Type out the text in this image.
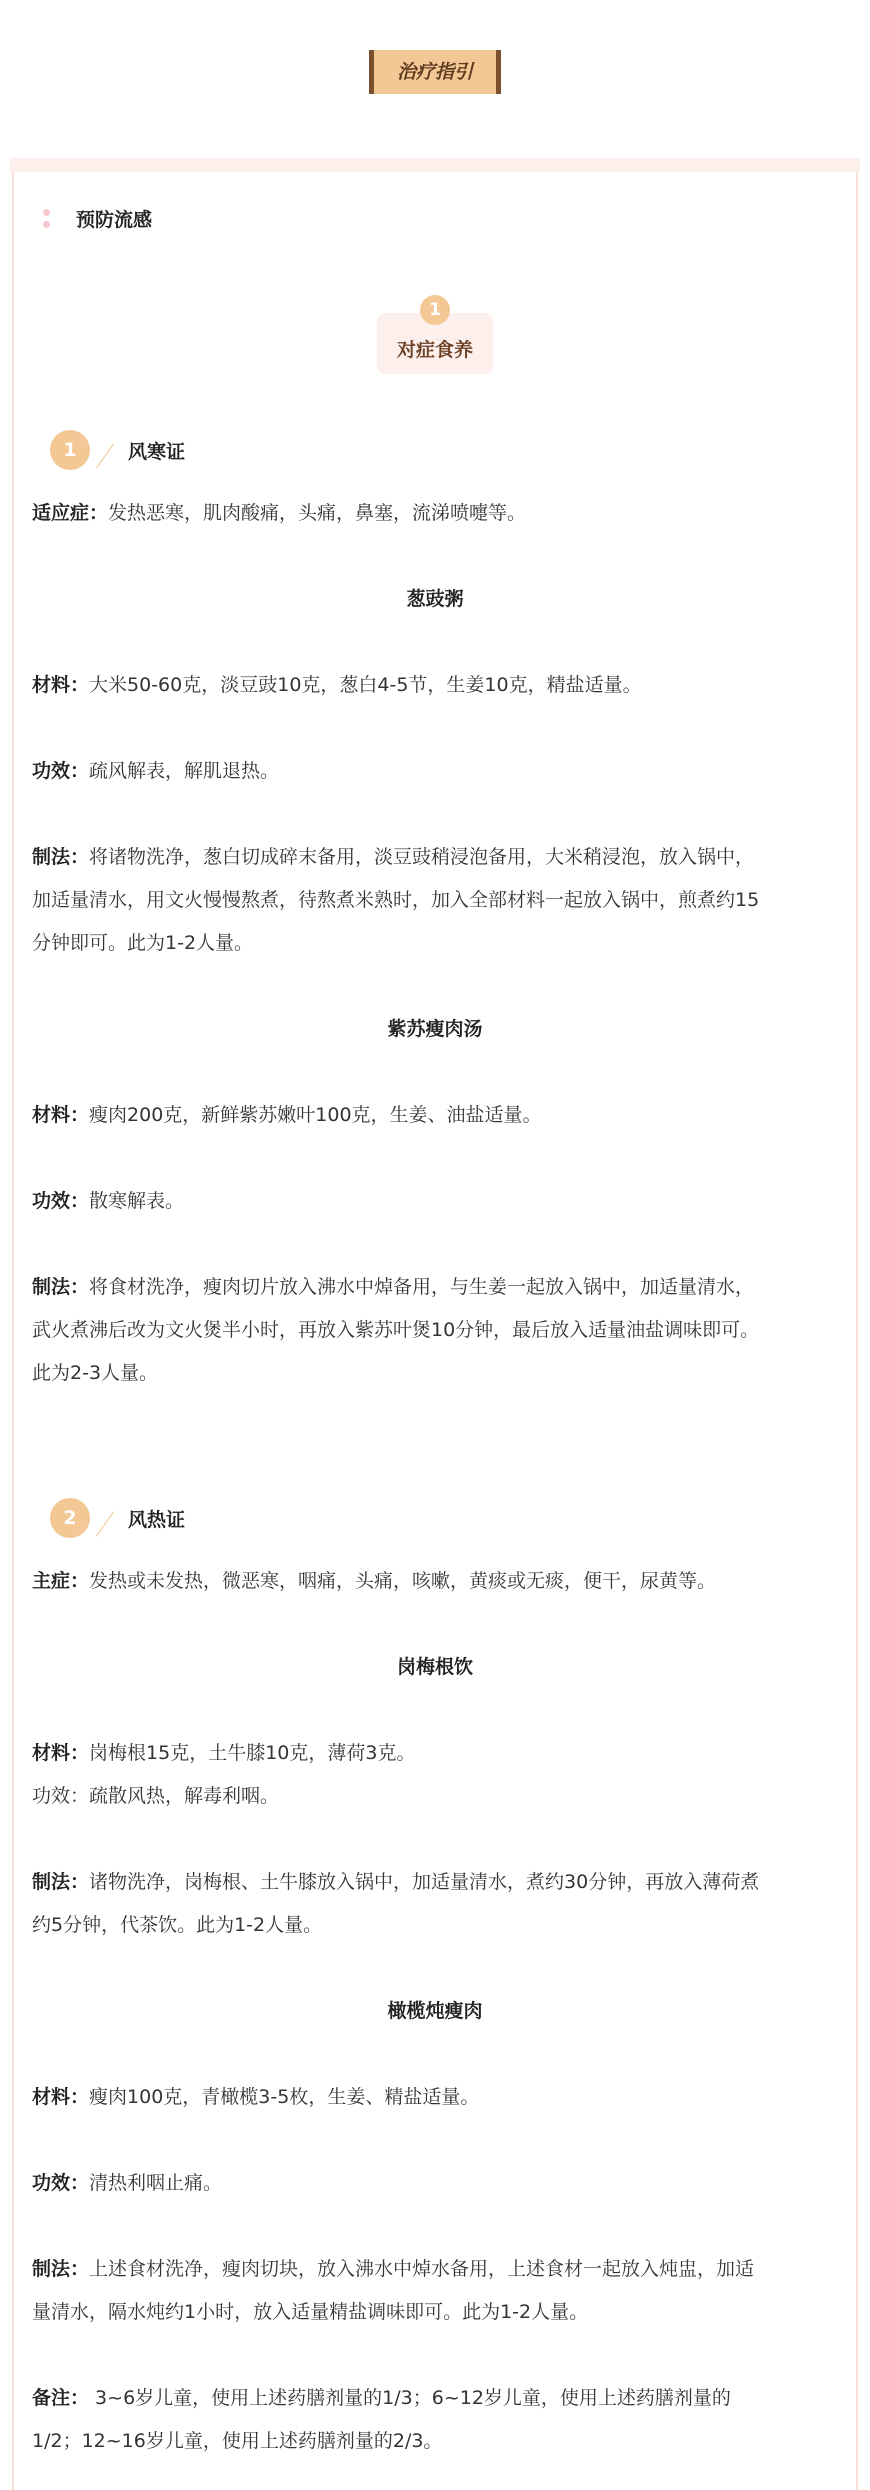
治疗指引
预防流感
1
对症食养
1	风寒证

适应症：发热恶寒，肌肉酸痛，头痛，鼻塞，流涕喷嚏等。

葱豉粥

材料：大米50-60克，淡豆豉10克，葱白4-5节，生姜10克，精盐适量。

功效：疏风解表，解肌退热。

制法：将诸物洗净，葱白切成碎末备用，淡豆豉稍浸泡备用，大米稍浸泡，放入锅中，
加适量清水，用文火慢慢熬煮，待熬煮米熟时，加入全部材料一起放入锅中，煎煮约15
分钟即可。此为1-2人量。

紫苏瘦肉汤

材料：瘦肉200克，新鲜紫苏嫩叶100克，生姜、油盐适量。

功效：散寒解表。

制法：将食材洗净，瘦肉切片放入沸水中焯备用，与生姜一起放入锅中，加适量清水，
武火煮沸后改为文火煲半小时，再放入紫苏叶煲10分钟，最后放入适量油盐调味即可。
此为2-3人量。

2	风热证

主症：发热或未发热，微恶寒，咽痛，头痛，咳嗽，黄痰或无痰，便干，尿黄等。

岗梅根饮

材料：岗梅根15克，土牛膝10克，薄荷3克。
功效：疏散风热，解毒利咽。

制法：诸物洗净，岗梅根、土牛膝放入锅中，加适量清水，煮约30分钟，再放入薄荷煮
约5分钟，代茶饮。此为1-2人量。

橄榄炖瘦肉

材料：瘦肉100克，青橄榄3-5枚，生姜、精盐适量。

功效：清热利咽止痛。

制法：上述食材洗净，瘦肉切块，放入沸水中焯水备用，上述食材一起放入炖盅，加适
量清水，隔水炖约1小时，放入适量精盐调味即可。此为1-2人量。

备注： 3~6岁儿童，使用上述药膳剂量的1/3；6~12岁儿童，使用上述药膳剂量的
1/2；12~16岁儿童，使用上述药膳剂量的2/3。
